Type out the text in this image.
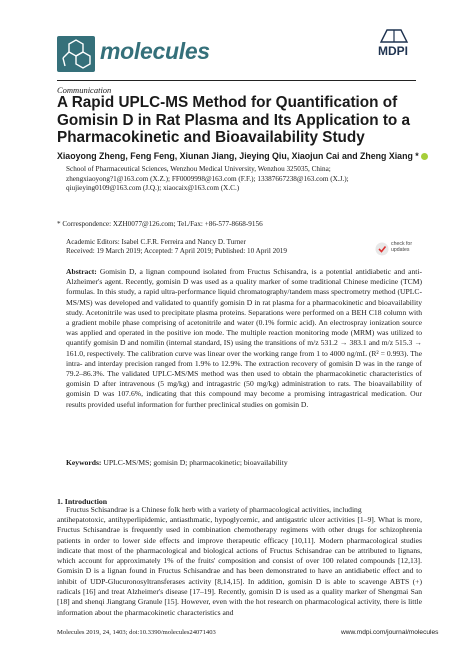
molecules	MDPI
Communication
A Rapid UPLC-MS Method for Quantification of Gomisin D in Rat Plasma and Its Application to a Pharmacokinetic and Bioavailability Study
Xiaoyong Zheng, Feng Feng, Xiunan Jiang, Jieying Qiu, Xiaojun Cai and Zheng Xiang *
School of Pharmaceutical Sciences, Wenzhou Medical University, Wenzhou 325035, China;
zhengxiaoyong?1@163.com (X.Z.); FF0009998@163.com (F.F.); 13387667238@163.com (X.J.);
qiujieying0109@163.com (J.Q.); xiaocaix@163.com (X.C.)
* Correspondence: XZH0077@126.com; Tel./Fax: +86-577-8668-9156
Academic Editors: Isabel C.F.R. Ferreira and Nancy D. Turner
Received: 19 March 2019; Accepted: 7 April 2019; Published: 10 April 2019
check for updates
Abstract: Gomisin D, a lignan compound isolated from Fructus Schisandra, is a potential antidiabetic and anti-Alzheimer's agent. Recently, gomisin D was used as a quality marker of some traditional Chinese medicine (TCM) formulas. In this study, a rapid ultra-performance liquid chromatography/tandem mass spectrometry method (UPLC-MS/MS) was developed and validated to quantify gomisin D in rat plasma for a pharmacokinetic and bioavailability study. Acetonitrile was used to precipitate plasma proteins. Separations were performed on a BEH C18 column with a gradient mobile phase comprising of acetonitrile and water (0.1% formic acid). An electrospray ionization source was applied and operated in the positive ion mode. The multiple reaction monitoring mode (MRM) was utilized to quantify gomisin D and nomilin (internal standard, IS) using the transitions of m/z 531.2 → 383.1 and m/z 515.3 → 161.0, respectively. The calibration curve was linear over the working range from 1 to 4000 ng/mL (R² = 0.993). The intra- and interday precision ranged from 1.9% to 12.9%. The extraction recovery of gomisin D was in the range of 79.2–86.3%. The validated UPLC-MS/MS method was then used to obtain the pharmacokinetic characteristics of gomisin D after intravenous (5 mg/kg) and intragastric (50 mg/kg) administration to rats. The bioavailability of gomisin D was 107.6%, indicating that this compound may become a promising intragastrical medication. Our results provided useful information for further preclinical studies on gomisin D.
Keywords: UPLC-MS/MS; gomisin D; pharmacokinetic; bioavailability
1. Introduction
Fructus Schisandrae is a Chinese folk herb with a variety of pharmacological activities, including
antihepatotoxic, antihyperlipidemic, antiasthmatic, hypoglycemic, and antigastric ulcer activities [1–9]. What is more, Fructus Schisandrae is frequently used in combination chemotherapy regimens with other drugs for schizophrenia patients in order to lower side effects and improve therapeutic efficacy [10,11]. Modern pharmacological studies indicate that most of the pharmacological and biological actions of Fructus Schisandrae can be attributed to lignans, which account for approximately 1% of the fruits' composition and consist of over 100 related compounds [12,13]. Gomisin D is a lignan found in Fructus Schisandrae and has been demonstrated to have an antidiabetic effect and to inhibit of UDP-Glucuronosyltransferases activity [8,14,15]. In addition, gomisin D is able to scavenge ABTS (+) radicals [16] and treat Alzheimer's disease [17–19]. Recently, gomisin D is used as a quality marker of Shengmai San [18] and shenqi Jiangtang Granule [15]. However, even with the hot research on pharmacological activity, there is little information about the pharmacokinetic characteristics and
Molecules 2019, 24, 1403; doi:10.3390/molecules24071403	www.mdpi.com/journal/molecules
